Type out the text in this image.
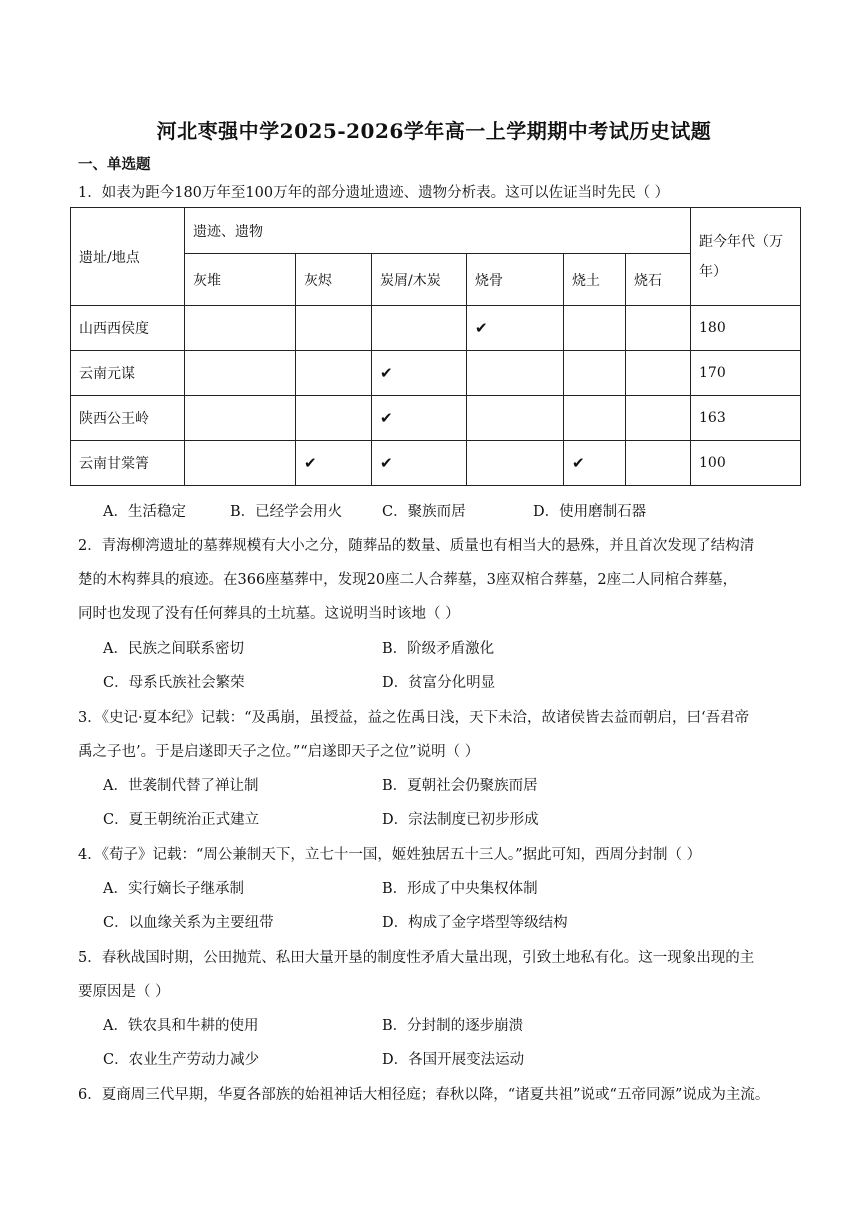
河北枣强中学2025-2026学年高一上学期期中考试历史试题
一、单选题
1．如表为距今180万年至100万年的部分遗址遗迹、遗物分析表。这可以佐证当时先民（ ）
遗址/地点	遗迹、遗物						距今年代（万
年）
	灰堆	灰烬	炭屑/木炭	烧骨	烧土	烧石	
山西西侯度				✔			180
云南元谋			✔				170
陕西公王岭			✔				163
云南甘棠箐		✔	✔		✔		100
A．生活稳定	B．已经学会用火	C．聚族而居	D．使用磨制石器
2．青海柳湾遗址的墓葬规模有大小之分，随葬品的数量、质量也有相当大的悬殊，并且首次发现了结构清
楚的木构葬具的痕迹。在366座墓葬中，发现20座二人合葬墓，3座双棺合葬墓，2座二人同棺合葬墓，
同时也发现了没有任何葬具的土坑墓。这说明当时该地（ ）
A．民族之间联系密切	B．阶级矛盾激化
C．母系氏族社会繁荣	D．贫富分化明显
3．《史记·夏本纪》记载：“及禹崩，虽授益，益之佐禹日浅，天下未洽，故诸侯皆去益而朝启，曰‘吾君帝
禹之子也’。于是启遂即天子之位。”“启遂即天子之位”说明（ ）
A．世袭制代替了禅让制	B．夏朝社会仍聚族而居
C．夏王朝统治正式建立	D．宗法制度已初步形成
4．《荀子》记载：“周公兼制天下，立七十一国，姬姓独居五十三人。”据此可知，西周分封制（ ）
A．实行嫡长子继承制	B．形成了中央集权体制
C．以血缘关系为主要纽带	D．构成了金字塔型等级结构
5．春秋战国时期，公田抛荒、私田大量开垦的制度性矛盾大量出现，引致土地私有化。这一现象出现的主
要原因是（ ）
A．铁农具和牛耕的使用	B．分封制的逐步崩溃
C．农业生产劳动力减少	D．各国开展变法运动
6．夏商周三代早期，华夏各部族的始祖神话大相径庭；春秋以降，“诸夏共祖”说或“五帝同源”说成为主流。
